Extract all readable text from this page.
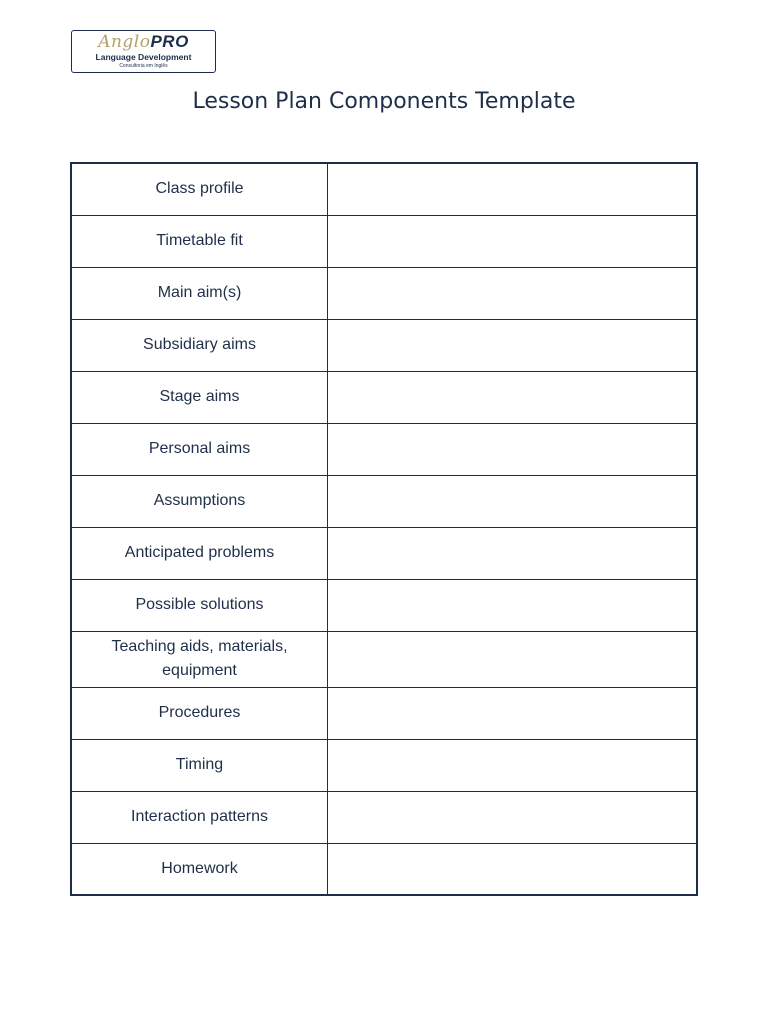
AngloPRO
Language Development
Consultoria em Inglês
Lesson Plan Components Template
Class profile	
Timetable fit	
Main aim(s)	
Subsidiary aims	
Stage aims	
Personal aims	
Assumptions	
Anticipated problems	
Possible solutions	
Teaching aids, materials, equipment	
Procedures	
Timing	
Interaction patterns	
Homework	
